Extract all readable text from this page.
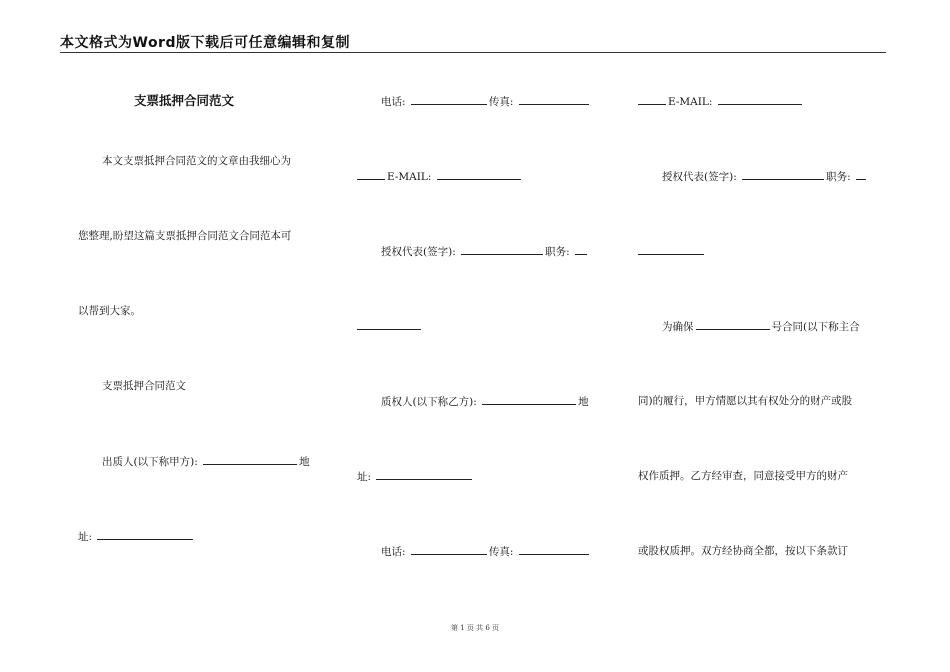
本文格式为Word版下载后可任意编辑和复制
支票抵押合同范文
本文支票抵押合同范文的文章由我细心为
您整理,盼望这篇支票抵押合同范文合同范本可
以帮到大家。
支票抵押合同范文
出质人(以下称甲方):	地
址:
电话:	传真:
E-MAIL:
授权代表(签字):	职务:
质权人(以下称乙方):	地
址:
电话:	传真:
E-MAIL:
授权代表(签字):	职务:
为确保	号合同(以下称主合
同)的履行，甲方情愿以其有权处分的财产或股
权作质押。乙方经审查，同意接受甲方的财产
或股权质押。双方经协商全都，按以下条款订
第 1 页 共 6 页
